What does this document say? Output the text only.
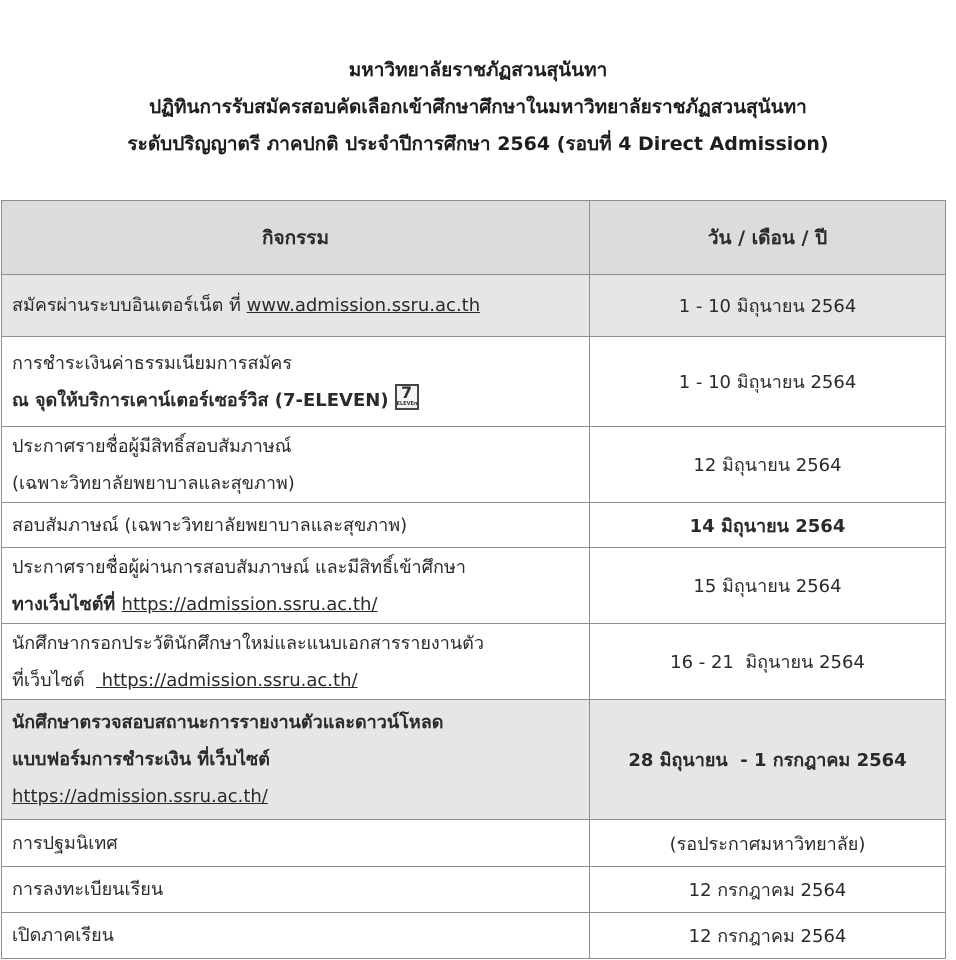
มหาวิทยาลัยราชภัฏสวนสุนันทา
ปฏิทินการรับสมัครสอบคัดเลือกเข้าศึกษาศึกษาในมหาวิทยาลัยราชภัฏสวนสุนันทา
ระดับปริญญาตรี ภาคปกติ ประจำปีการศึกษา 2564 (รอบที่ 4 Direct Admission)
กิจกรรม	วัน / เดือน / ปี
สมัครผ่านระบบอินเตอร์เน็ต ที่ www.admission.ssru.ac.th	1 - 10 มิถุนายน 2564

การชำระเงินค่าธรรมเนียมการสมัคร
ณ จุดให้บริการเคาน์เตอร์เซอร์วิส (7-ELEVEN) 7
ELEVEn	1 - 10 มิถุนายน 2564

ประกาศรายชื่อผู้มีสิทธิ์สอบสัมภาษณ์
(เฉพาะวิทยาลัยพยาบาลและสุขภาพ)	12 มิถุนายน 2564
สอบสัมภาษณ์ (เฉพาะวิทยาลัยพยาบาลและสุขภาพ)	14 มิถุนายน 2564

ประกาศรายชื่อผู้ผ่านการสอบสัมภาษณ์ และมีสิทธิ์เข้าศึกษา
ทางเว็บไซต์ที่ https://admission.ssru.ac.th/	15 มิถุนายน 2564

นักศึกษากรอกประวัตินักศึกษาใหม่และแนบเอกสารรายงานตัว
ที่เว็บไซต์   https://admission.ssru.ac.th/	16 - 21  มิถุนายน 2564

นักศึกษาตรวจสอบสถานะการรายงานตัวและดาวน์โหลด
แบบฟอร์มการชำระเงิน ที่เว็บไซต์
https://admission.ssru.ac.th/	28 มิถุนายน  - 1 กรกฎาคม 2564
การปฐมนิเทศ	(รอประกาศมหาวิทยาลัย)
การลงทะเบียนเรียน	12 กรกฎาคม 2564
เปิดภาคเรียน	12 กรกฎาคม 2564
